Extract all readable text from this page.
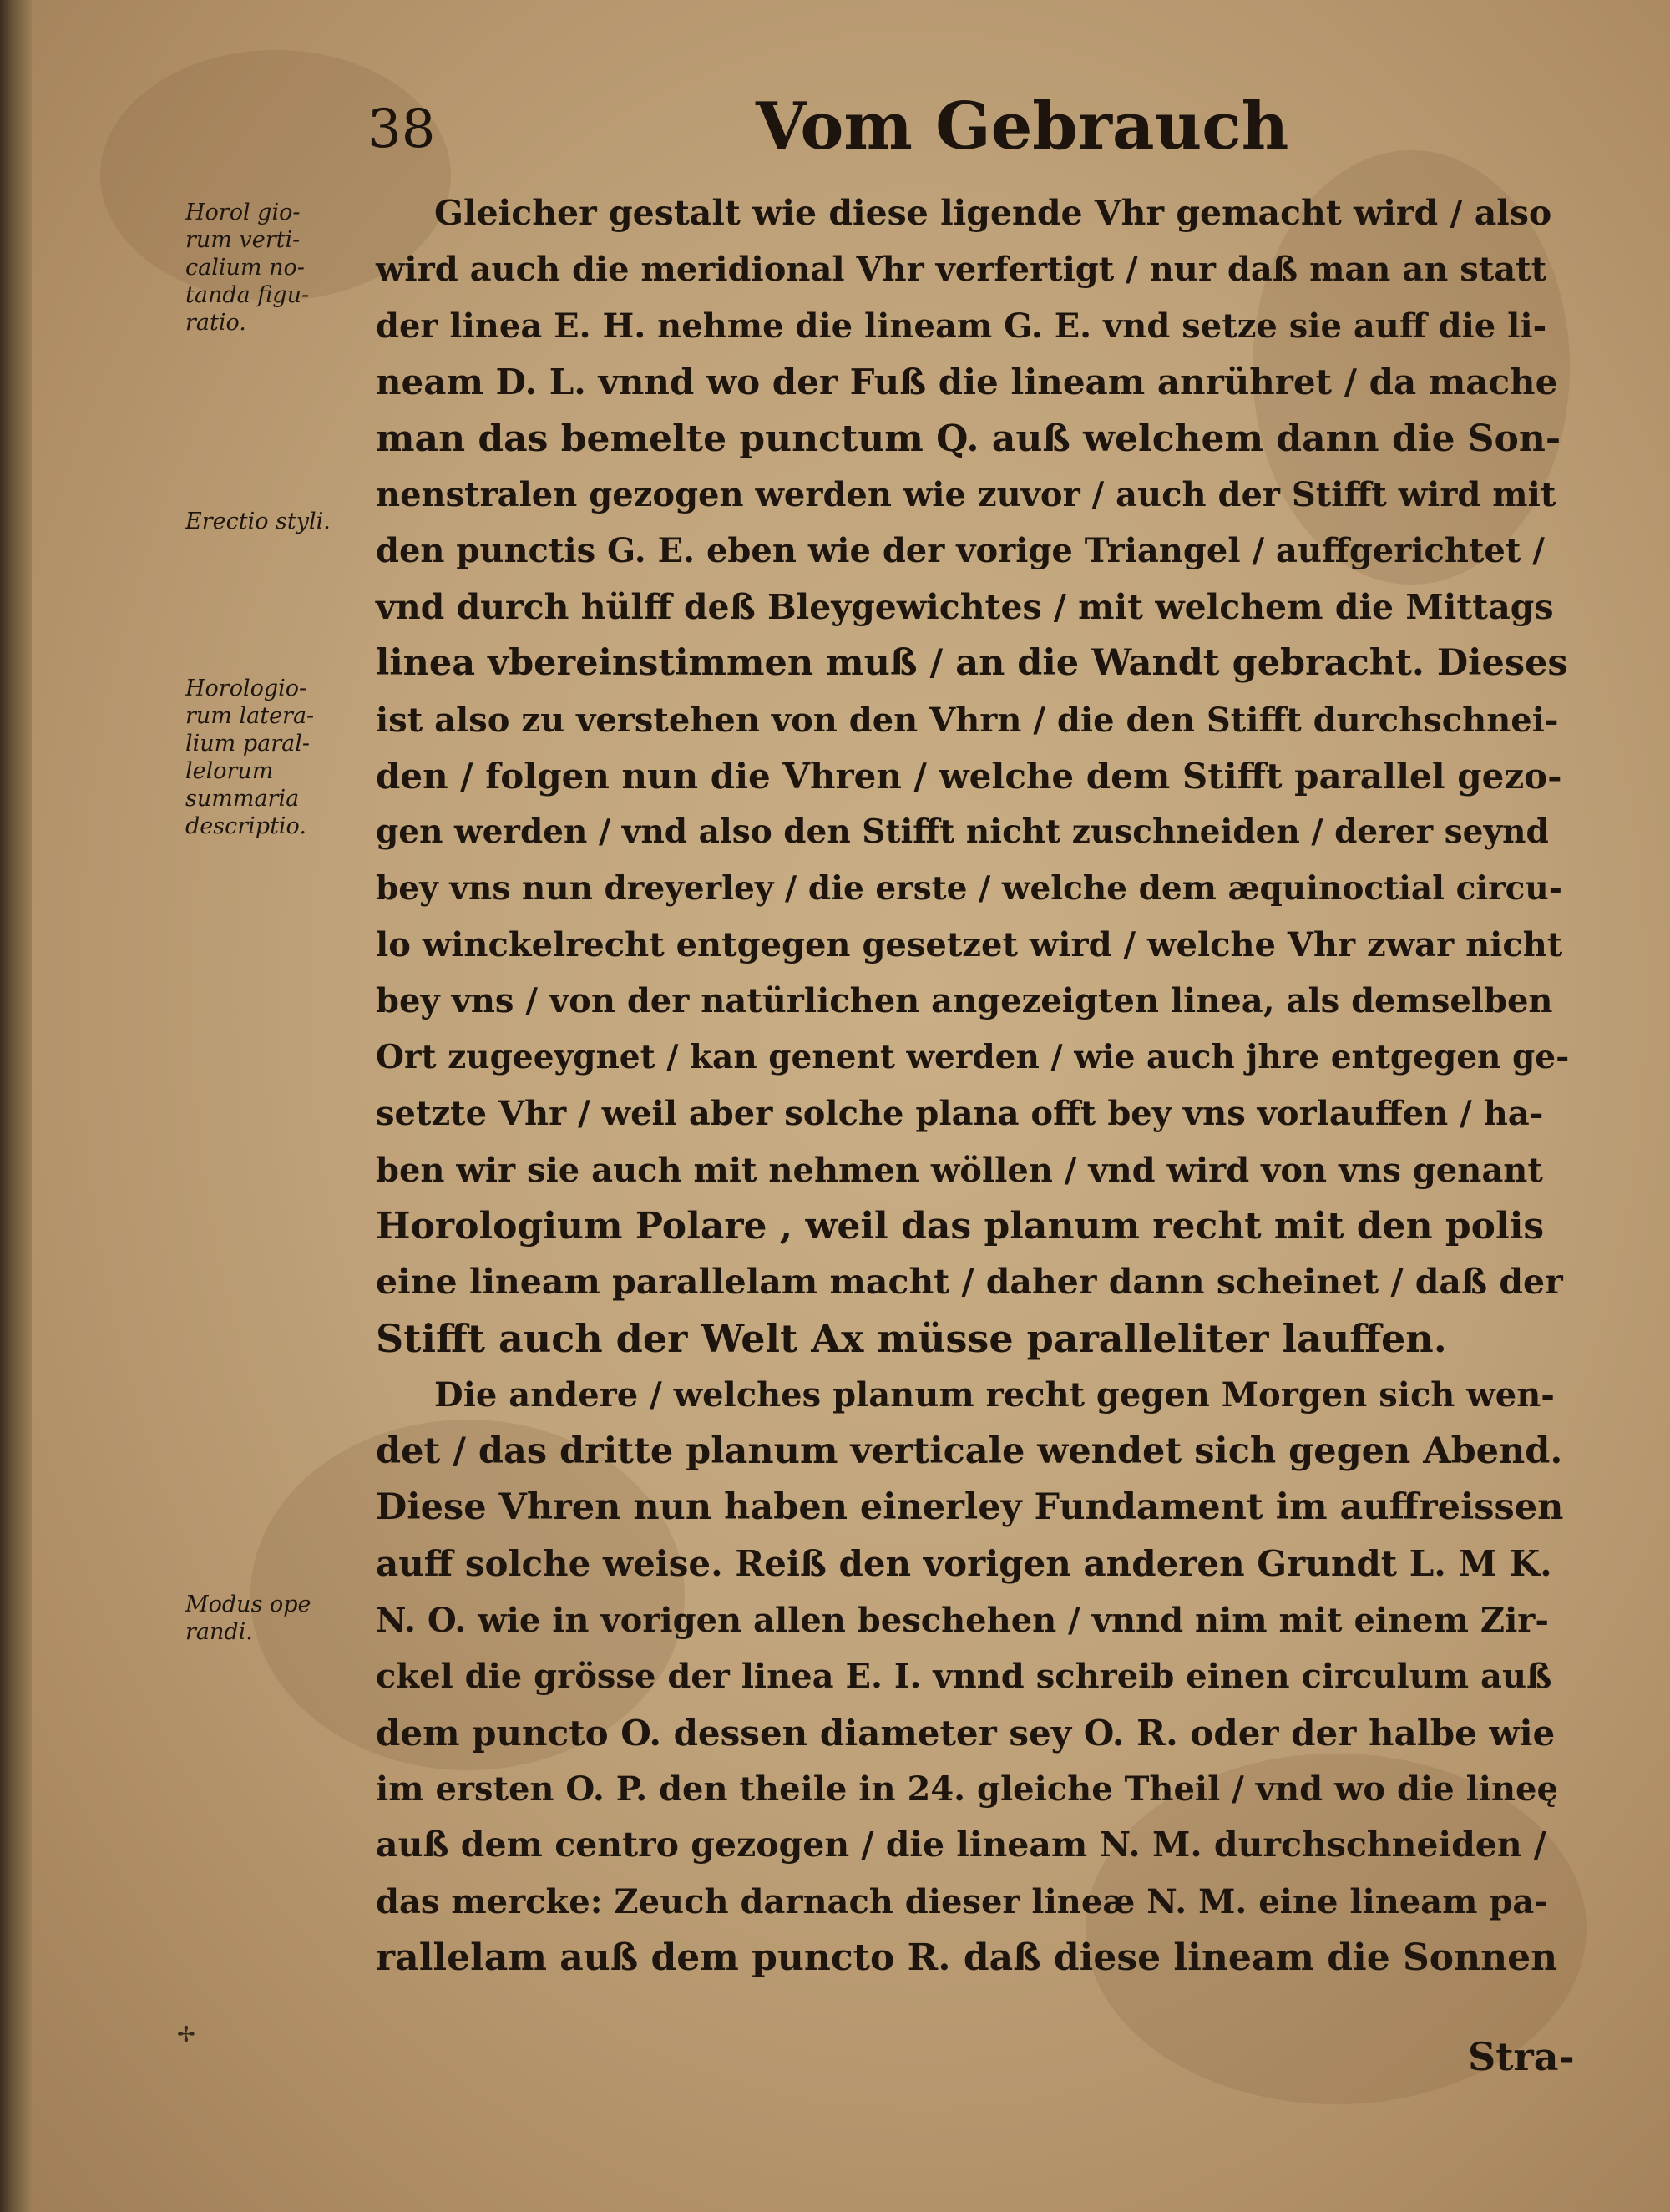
38	Vom Gebrauch
Horol gio-
rum verti-
calium no-
tanda figu-
ratio.
Erectio styli.
Horologio-
rum latera-
lium paral-
lelorum
summaria
descriptio.
Modus ope
randi.
Gleicher gestalt wie diese ligende Vhr gemacht wird / also
wird auch die meridional Vhr verfertigt / nur daß man an statt
der linea E. H. nehme die lineam G. E. vnd setze sie auff die li-
neam D. L. vnnd wo der Fuß die lineam anrühret / da mache
man das bemelte punctum Q. auß welchem dann die Son-
nenstralen gezogen werden wie zuvor / auch der Stifft wird mit
den punctis G. E. eben wie der vorige Triangel / auffgerichtet /
vnd durch hülff deß Bleygewichtes / mit welchem die Mittags
linea vbereinstimmen muß / an die Wandt gebracht. Dieses
ist also zu verstehen von den Vhrn / die den Stifft durchschnei-
den / folgen nun die Vhren / welche dem Stifft parallel gezo-
gen werden / vnd also den Stifft nicht zuschneiden / derer seynd
bey vns nun dreyerley / die erste / welche dem æquinoctial circu-
lo winckelrecht entgegen gesetzet wird / welche Vhr zwar nicht
bey vns / von der natürlichen angezeigten linea, als demselben
Ort zugeeygnet / kan genent werden / wie auch jhre entgegen ge-
setzte Vhr / weil aber solche plana offt bey vns vorlauffen / ha-
ben wir sie auch mit nehmen wöllen / vnd wird von vns genant
Horologium Polare , weil das planum recht mit den polis
eine lineam parallelam macht / daher dann scheinet / daß der
Stifft auch der Welt Ax müsse paralleliter lauffen.
Die andere / welches planum recht gegen Morgen sich wen-
det / das dritte planum verticale wendet sich gegen Abend.
Diese Vhren nun haben einerley Fundament im auffreissen
auff solche weise. Reiß den vorigen anderen Grundt L. M K.
N. O. wie in vorigen allen beschehen / vnnd nim mit einem Zir-
ckel die grösse der linea E. I. vnnd schreib einen circulum auß
dem puncto O. dessen diameter sey O. R. oder der halbe wie
im ersten O. P. den theile in 24. gleiche Theil / vnd wo die lineę
auß dem centro gezogen / die lineam N. M. durchschneiden /
das mercke: Zeuch darnach dieser lineæ N. M. eine lineam pa-
rallelam auß dem puncto R. daß diese lineam die Sonnen
✢	Stra-
